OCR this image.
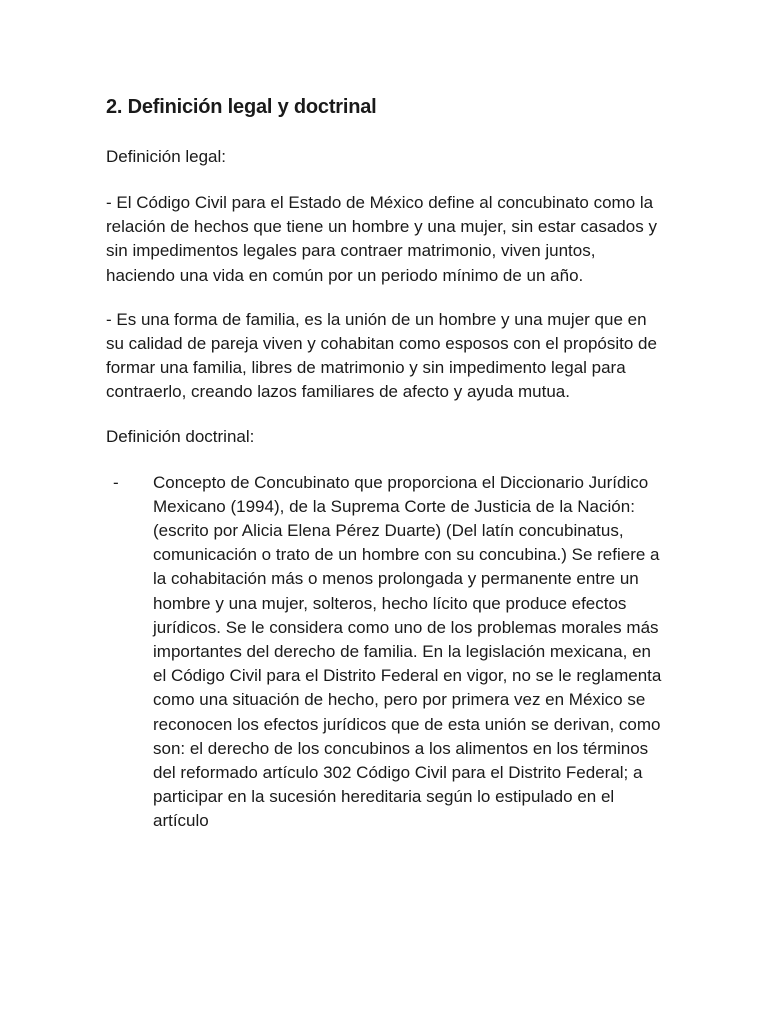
2. Definición legal y doctrinal

Definición legal:

- El Código Civil para el Estado de México define al concubinato como la relación de hechos que tiene un hombre y una mujer, sin estar casados y sin impedimentos legales para contraer matrimonio, viven juntos, haciendo una vida en común por un periodo mínimo de un año.

- Es una forma de familia, es la unión de un hombre y una mujer que en su calidad de pareja viven y cohabitan como esposos con el propósito de formar una familia, libres de matrimonio y sin impedimento legal para contraerlo, creando lazos familiares de afecto y ayuda mutua.

Definición doctrinal:

-	Concepto de Concubinato que proporciona el Diccionario Jurídico Mexicano (1994), de la Suprema Corte de Justicia de la Nación: (escrito por Alicia Elena Pérez Duarte) (Del latín concubinatus, comunicación o trato de un hombre con su concubina.) Se refiere a la cohabitación más o menos prolongada y permanente entre un hombre y una mujer, solteros, hecho lícito que produce efectos jurídicos. Se le considera como uno de los problemas morales más importantes del derecho de familia. En la legislación mexicana, en el Código Civil para el Distrito Federal en vigor, no se le reglamenta como una situación de hecho, pero por primera vez en México se reconocen los efectos jurídicos que de esta unión se derivan, como son: el derecho de los concubinos a los alimentos en los términos del reformado artículo 302 Código Civil para el Distrito Federal; a participar en la sucesión hereditaria según lo estipulado en el artículo
